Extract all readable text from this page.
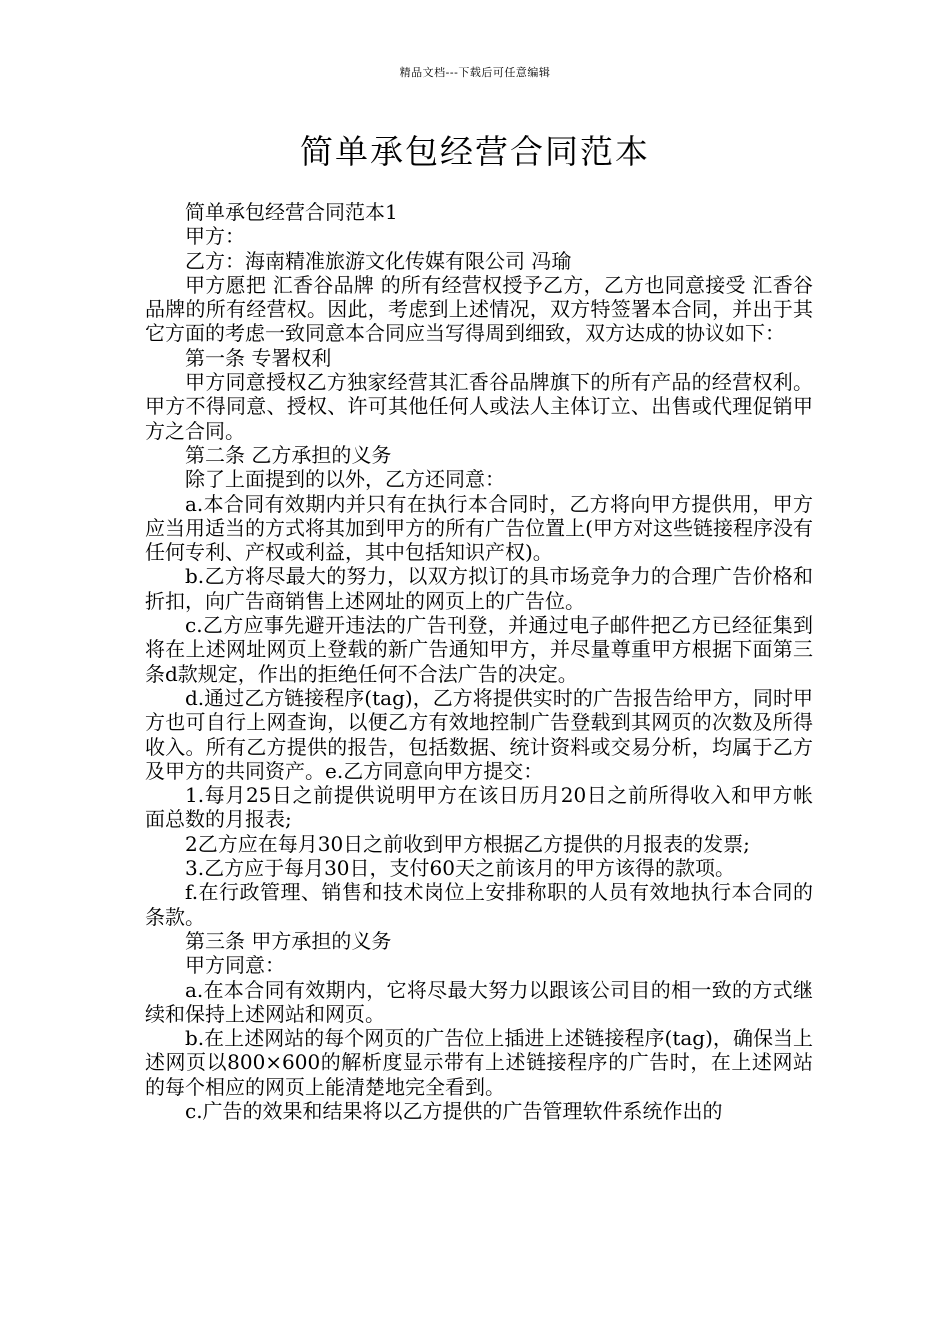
精品文档---下载后可任意编辑
简单承包经营合同范本

简单承包经营合同范本1

甲方：

乙方：海南精准旅游文化传媒有限公司 冯瑜

甲方愿把 汇香谷品牌 的所有经营权授予乙方，乙方也同意接受 汇香谷品牌的所有经营权。因此，考虑到上述情况，双方特签署本合同，并出于其它方面的考虑一致同意本合同应当写得周到细致，双方达成的协议如下：

第一条 专署权利

甲方同意授权乙方独家经营其汇香谷品牌旗下的所有产品的经营权利。甲方不得同意、授权、许可其他任何人或法人主体订立、出售或代理促销甲方之合同。

第二条 乙方承担的义务

除了上面提到的以外，乙方还同意：

a.本合同有效期内并只有在执行本合同时，乙方将向甲方提供用，甲方应当用适当的方式将其加到甲方的所有广告位置上(甲方对这些链接程序没有任何专利、产权或利益，其中包括知识产权)。

b.乙方将尽最大的努力，以双方拟订的具市场竞争力的合理广告价格和折扣，向广告商销售上述网址的网页上的广告位。

c.乙方应事先避开违法的广告刊登，并通过电子邮件把乙方已经征集到将在上述网址网页上登载的新广告通知甲方，并尽量尊重甲方根据下面第三条d款规定，作出的拒绝任何不合法广告的决定。

d.通过乙方链接程序(tag)，乙方将提供实时的广告报告给甲方，同时甲方也可自行上网查询，以便乙方有效地控制广告登载到其网页的次数及所得收入。所有乙方提供的报告，包括数据、统计资料或交易分析，均属于乙方及甲方的共同资产。e.乙方同意向甲方提交：

1.每月25日之前提供说明甲方在该日历月20日之前所得收入和甲方帐面总数的月报表;

2乙方应在每月30日之前收到甲方根据乙方提供的月报表的发票;

3.乙方应于每月30日，支付60天之前该月的甲方该得的款项。

f.在行政管理、销售和技术岗位上安排称职的人员有效地执行本合同的条款。

第三条 甲方承担的义务

甲方同意：

a.在本合同有效期内，它将尽最大努力以跟该公司目的相一致的方式继续和保持上述网站和网页。

b.在上述网站的每个网页的广告位上插进上述链接程序(tag)，确保当上述网页以800×600的解析度显示带有上述链接程序的广告时，在上述网站的每个相应的网页上能清楚地完全看到。

c.广告的效果和结果将以乙方提供的广告管理软件系统作出的
